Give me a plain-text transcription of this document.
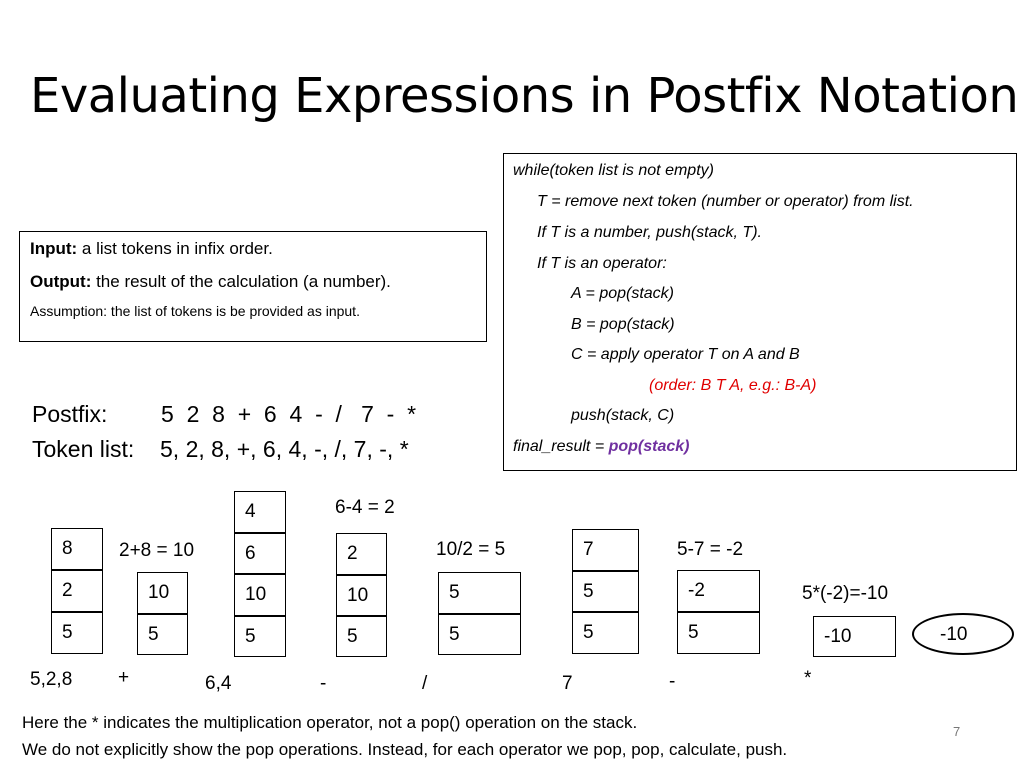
Evaluating Expressions in Postfix Notation
Input: a list tokens in infix order.
Output: the result of the calculation (a number).
Assumption: the list of tokens is be provided as input.
while(token list is not empty)
T = remove next token (number or operator) from list.
If T is a number, push(stack, T).
If T is an operator:
A = pop(stack)
B = pop(stack)
C = apply operator T on A and B
(order: B T A, e.g.: B-A)
push(stack, C)
final_result = pop(stack)
Postfix: 5  2  8  +  6  4  -  /   7  -  *
Token list: 5, 2, 8, +, 6, 4, -, /, 7, -, *
8
2
5
10
5
4
6
10
5
2
10
5
5
5
7
5
5
-2
5	-10	-10
2+8 = 10
6-4 = 2
10/2 = 5	5-7 = -2
5*(-2)=-10
5,2,8 +	6,4	-	/	7	-	*
Here the * indicates the multiplication operator, not a pop() operation on the stack.
We do not explicitly show the pop operations. Instead, for each operator we pop, pop, calculate, push.
7
